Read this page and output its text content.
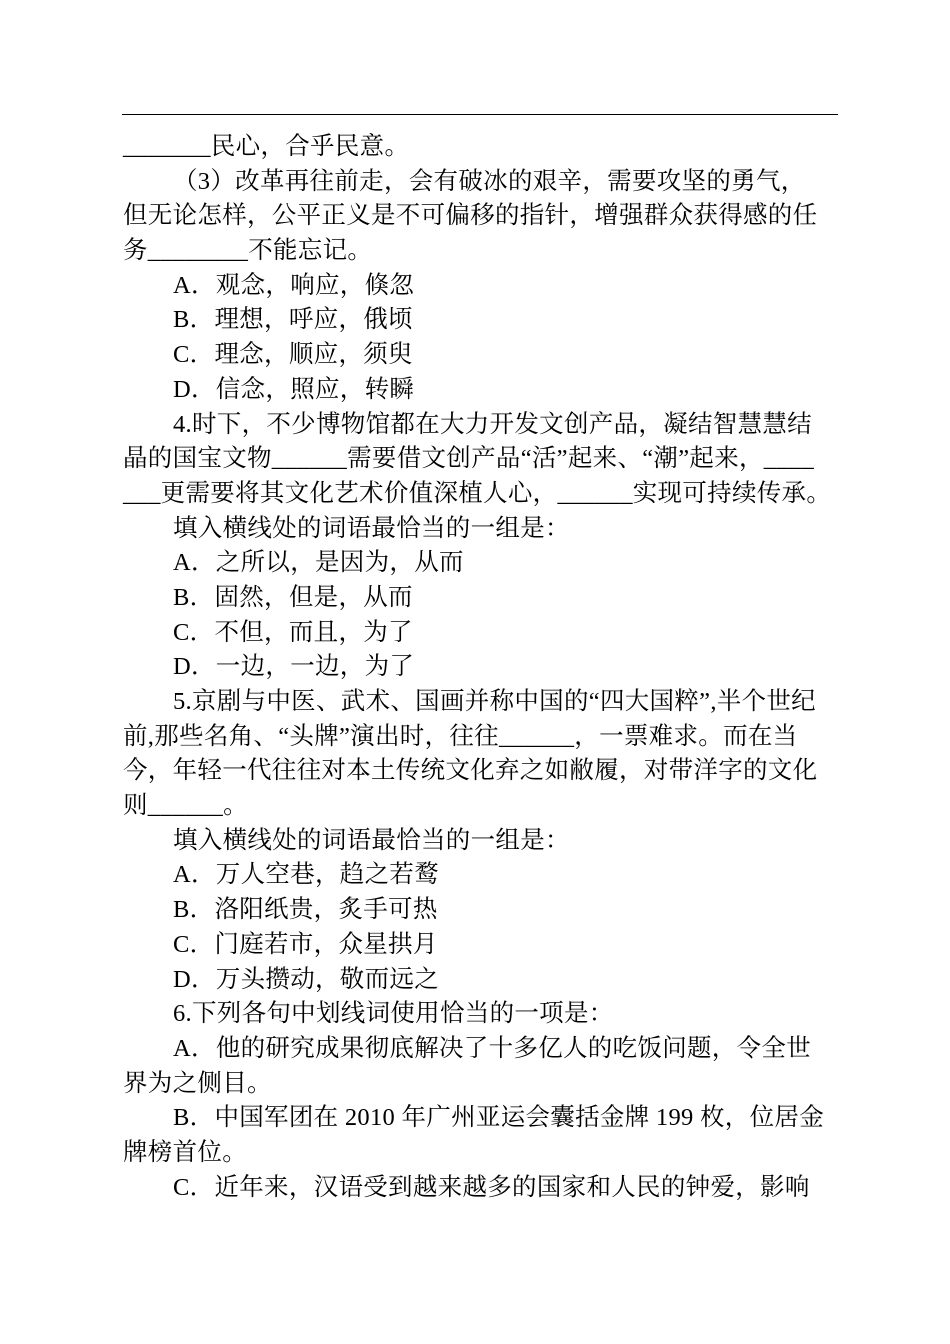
_______民心，合乎民意。
（3）改革再往前走，会有破冰的艰辛，需要攻坚的勇气，
但无论怎样，公平正义是不可偏移的指针，增强群众获得感的任
务________不能忘记。
A．观念，响应，倏忽
B．理想，呼应，俄顷
C．理念，顺应，须臾
D．信念，照应，转瞬
4.时下，不少博物馆都在大力开发文创产品，凝结智慧慧结
晶的国宝文物______需要借文创产品“活”起来、“潮”起来，____
___更需要将其文化艺术价值深植人心，______实现可持续传承。
填入横线处的词语最恰当的一组是：
A．之所以，是因为，从而
B．固然，但是，从而
C．不但，而且，为了
D．一边，一边，为了
5.京剧与中医、武术、国画并称中国的“四大国粹”,半个世纪
前,那些名角、“头牌”演出时，往往______，一票难求。而在当
今，年轻一代往往对本土传统文化弃之如敝履，对带洋字的文化
则______。
填入横线处的词语最恰当的一组是：
A．万人空巷，趋之若鹜
B．洛阳纸贵，炙手可热
C．门庭若市，众星拱月
D．万头攒动，敬而远之
6.下列各句中划线词使用恰当的一项是：
A．他的研究成果彻底解决了十多亿人的吃饭问题，令全世
界为之侧目。
B．中国军团在 2010 年广州亚运会囊括金牌 199 枚，位居金
牌榜首位。
C．近年来，汉语受到越来越多的国家和人民的钟爱，影响
